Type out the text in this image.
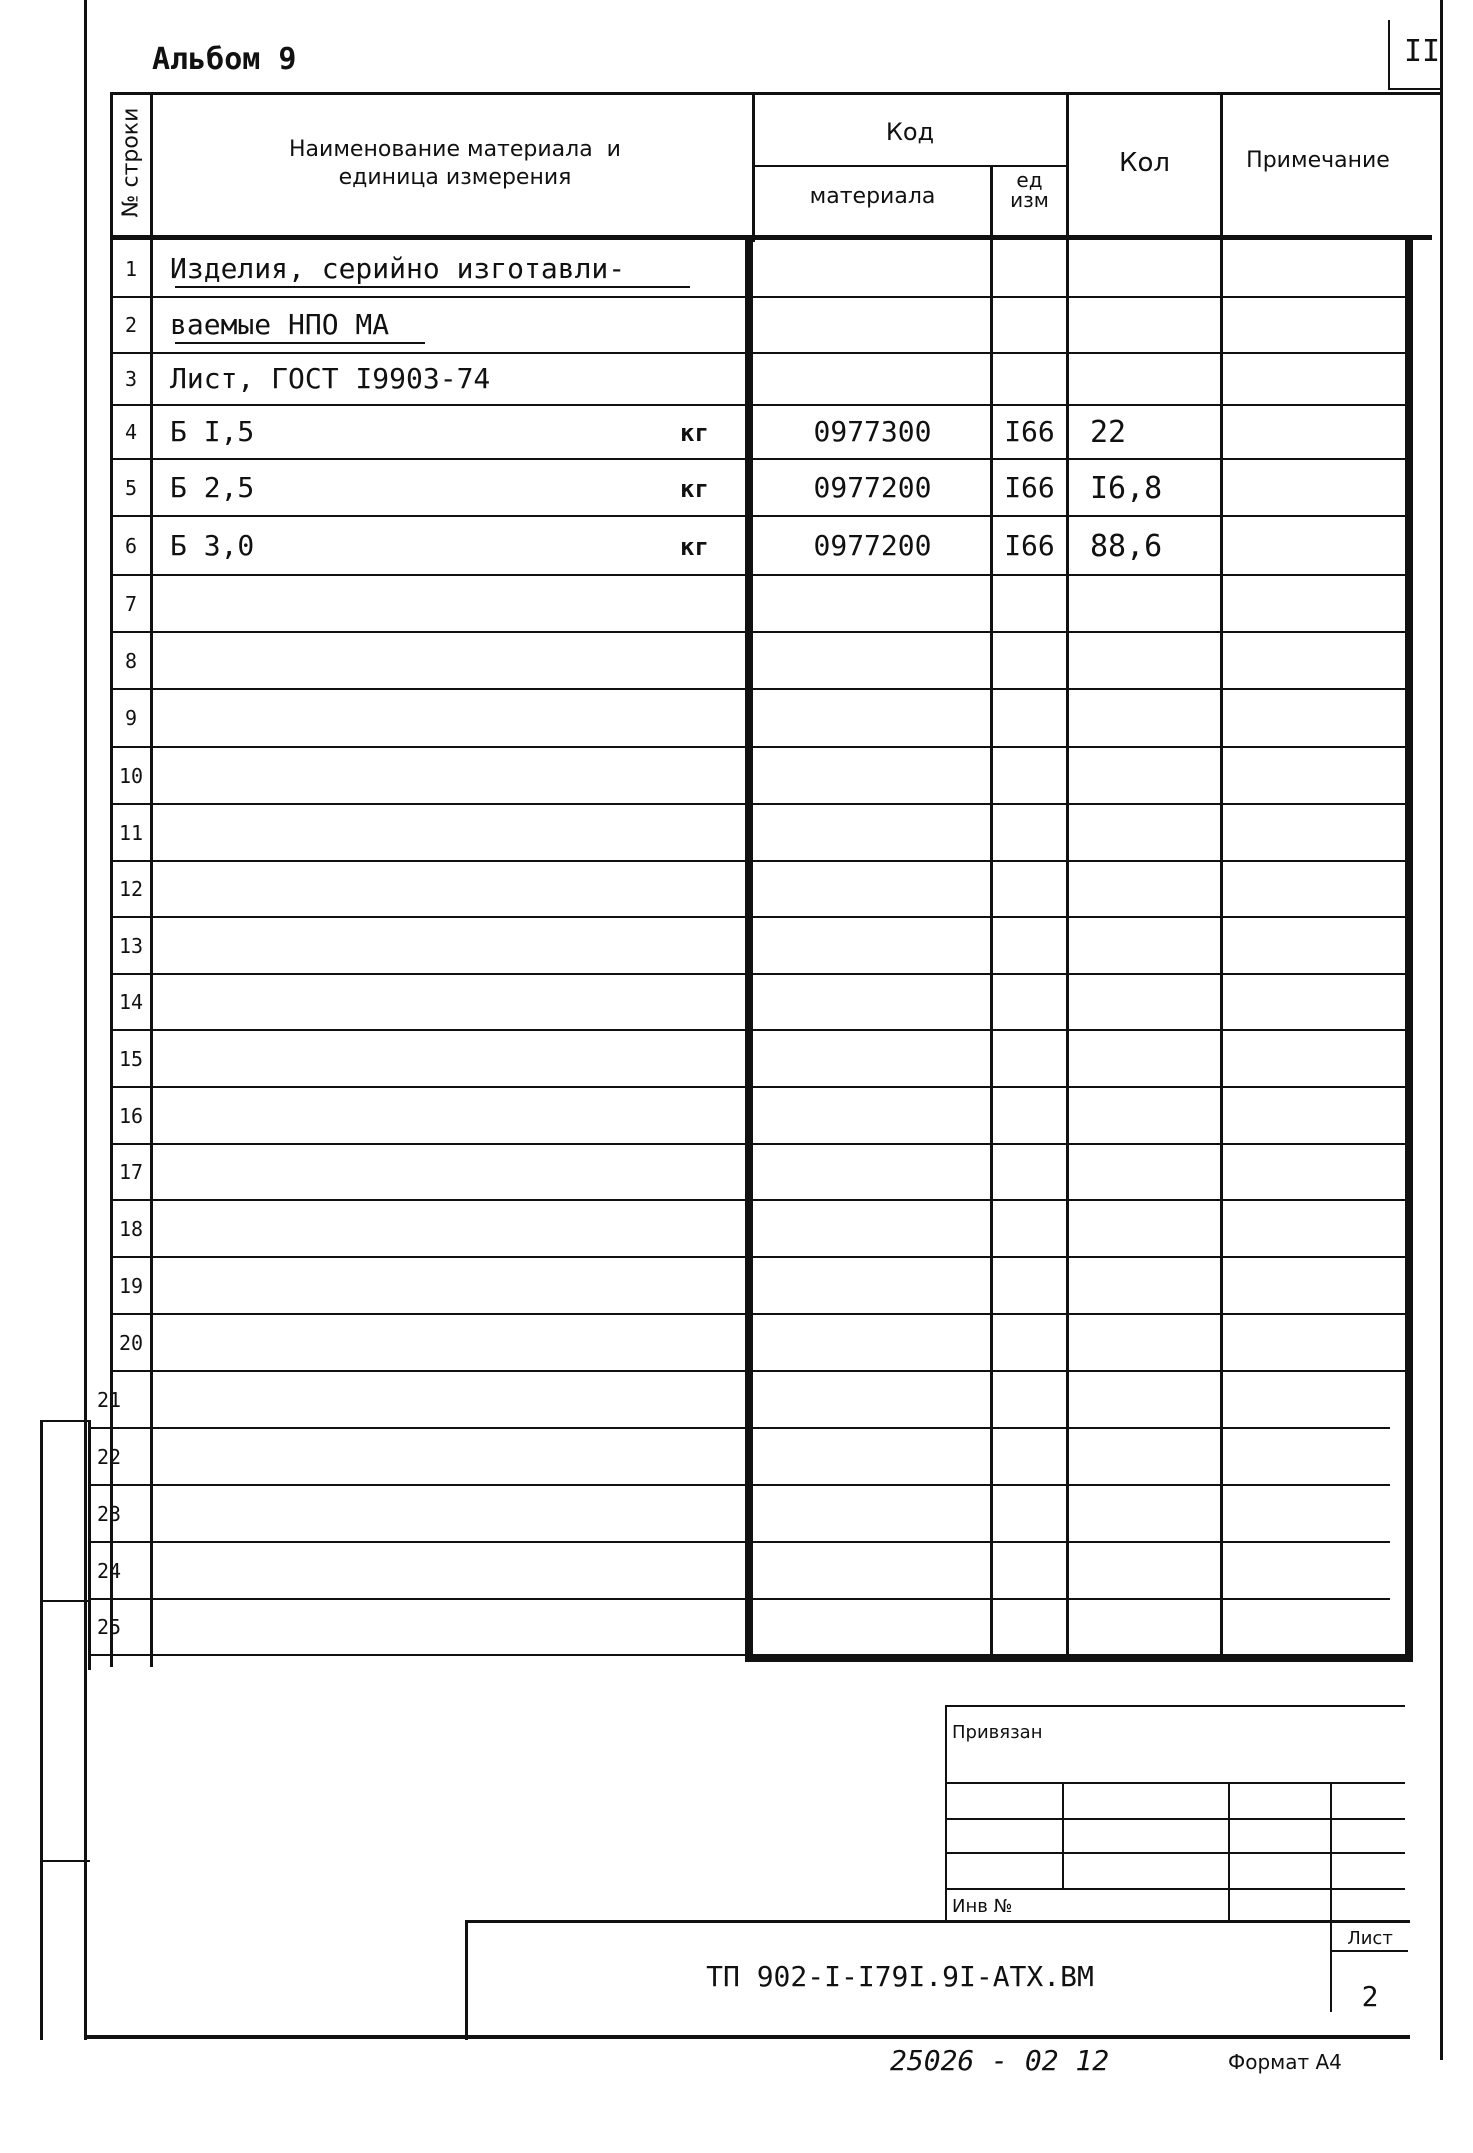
Альбом 9	II
№ строки	Наименование материала  и
единица измерения
Код
материала
ед
изм
Кол	Примечание
1	Изделия, серийно изготавли-
2	ваемые НПО МА
3	Лист, ГОСТ I9903-74
4	Б I,5	кг	0977300	I66	22
5	Б 2,5	кг	0977200	I66	I6,8
6	Б 3,0	кг	0977200	I66	88,6
7
8
9
10
11
12
13
14
15
16
17
18
19
20
21
22
23
24
25
Привязан
Инв №
ТП 902-I-I79I.9I-АТХ.ВМ
Лист
2
25026 - 02 12	Формат А4
